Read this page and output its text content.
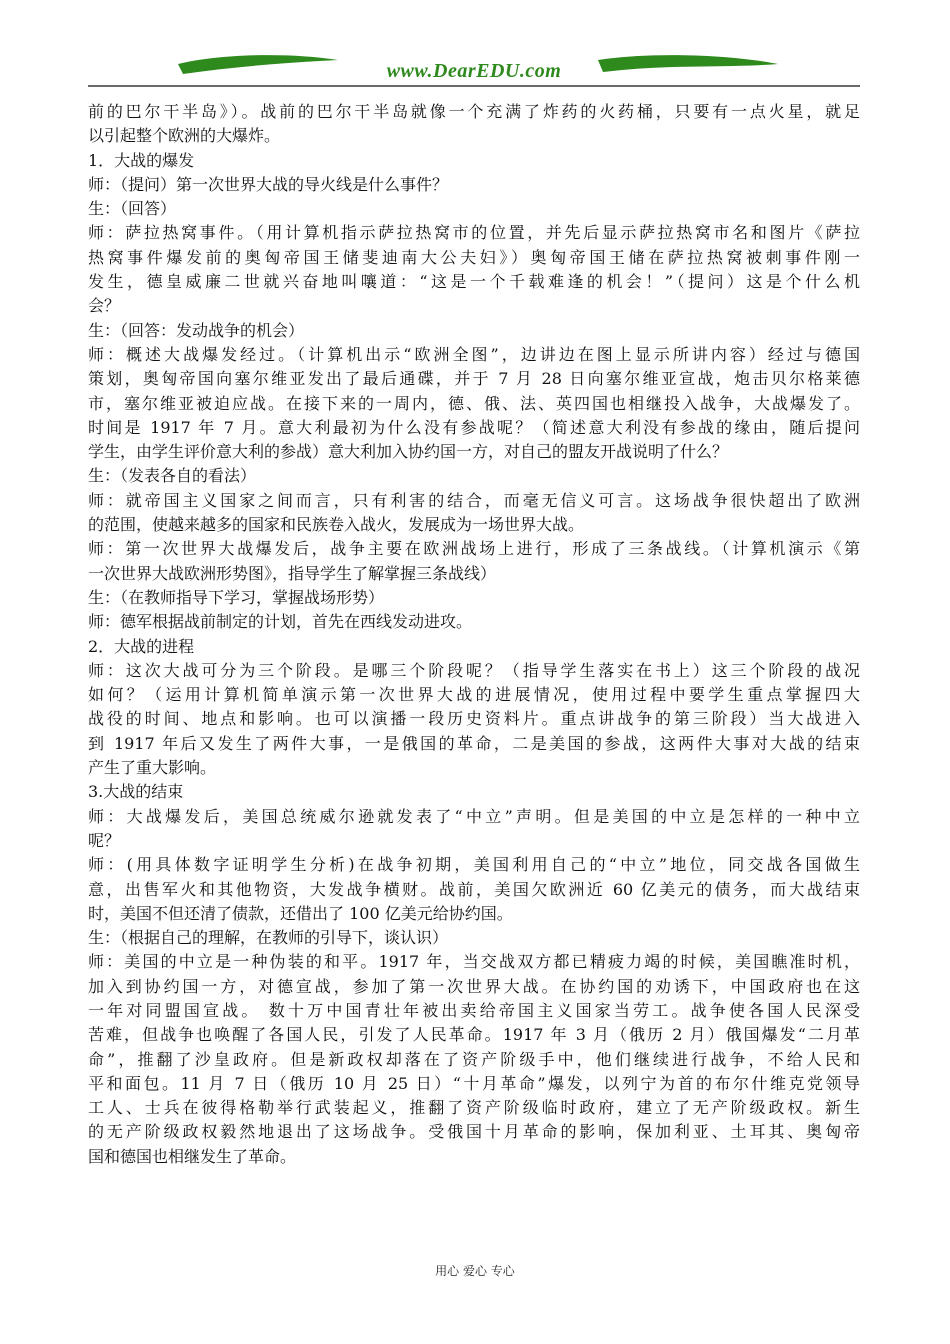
www.DearEDU.com
前的巴尔干半岛》）。战前的巴尔干半岛就像一个充满了炸药的火药桶，只要有一点火星，就足
以引起整个欧洲的大爆炸。
1．大战的爆发
师：（提问）第一次世界大战的导火线是什么事件？
生：（回答）
师：萨拉热窝事件。（用计算机指示萨拉热窝市的位置，并先后显示萨拉热窝市名和图片《萨拉
热窝事件爆发前的奥匈帝国王储斐迪南大公夫妇》）奥匈帝国王储在萨拉热窝被刺事件刚一
发生，德皇威廉二世就兴奋地叫嚷道：“这是一个千载难逢的机会！”（提问）这是个什么机
会？
生：（回答：发动战争的机会）
师：概述大战爆发经过。（计算机出示“欧洲全图”，边讲边在图上显示所讲内容）经过与德国
策划，奥匈帝国向塞尔维亚发出了最后通碟，并于 7 月 28 日向塞尔维亚宣战，炮击贝尔格莱德
市，塞尔维亚被迫应战。在接下来的一周内，德、俄、法、英四国也相继投入战争，大战爆发了。
时间是 1917 年 7 月。意大利最初为什么没有参战呢？（简述意大利没有参战的缘由，随后提问
学生，由学生评价意大利的参战）意大利加入协约国一方，对自己的盟友开战说明了什么？
生：（发表各自的看法）
师：就帝国主义国家之间而言，只有利害的结合，而毫无信义可言。这场战争很快超出了欧洲
的范围，使越来越多的国家和民族卷入战火，发展成为一场世界大战。
师：第一次世界大战爆发后，战争主要在欧洲战场上进行，形成了三条战线。（计算机演示《第
一次世界大战欧洲形势图》，指导学生了解掌握三条战线）
生：（在教师指导下学习，掌握战场形势）
师：德军根据战前制定的计划，首先在西线发动进攻。
2．大战的进程
师：这次大战可分为三个阶段。是哪三个阶段呢？（指导学生落实在书上）这三个阶段的战况
如何？（运用计算机简单演示第一次世界大战的进展情况，使用过程中要学生重点掌握四大
战役的时间、地点和影响。也可以演播一段历史资料片。重点讲战争的第三阶段）当大战进入
到 1917 年后又发生了两件大事，一是俄国的革命，二是美国的参战，这两件大事对大战的结束
产生了重大影响。
3.大战的结束
师：大战爆发后，美国总统威尔逊就发表了“中立”声明。但是美国的中立是怎样的一种中立
呢？
师：(用具体数字证明学生分析)在战争初期，美国利用自己的“中立”地位，同交战各国做生
意，出售军火和其他物资，大发战争横财。战前，美国欠欧洲近 60 亿美元的债务，而大战结束
时，美国不但还清了债款，还借出了 100 亿美元给协约国。
生：（根据自己的理解，在教师的引导下，谈认识）
师：美国的中立是一种伪装的和平。1917 年，当交战双方都已精疲力竭的时候，美国瞧准时机，
加入到协约国一方，对德宣战，参加了第一次世界大战。在协约国的劝诱下，中国政府也在这
一年对同盟国宣战。 数十万中国青壮年被出卖给帝国主义国家当劳工。战争使各国人民深受
苦难，但战争也唤醒了各国人民，引发了人民革命。1917 年 3 月（俄历 2 月）俄国爆发“二月革
命”，推翻了沙皇政府。但是新政权却落在了资产阶级手中，他们继续进行战争，不给人民和
平和面包。11 月 7 日（俄历 10 月 25 日）“十月革命”爆发，以列宁为首的布尔什维克党领导
工人、士兵在彼得格勒举行武装起义，推翻了资产阶级临时政府，建立了无产阶级政权。新生
的无产阶级政权毅然地退出了这场战争。受俄国十月革命的影响，保加利亚、土耳其、奥匈帝
国和德国也相继发生了革命。
用心 爱心 专心
